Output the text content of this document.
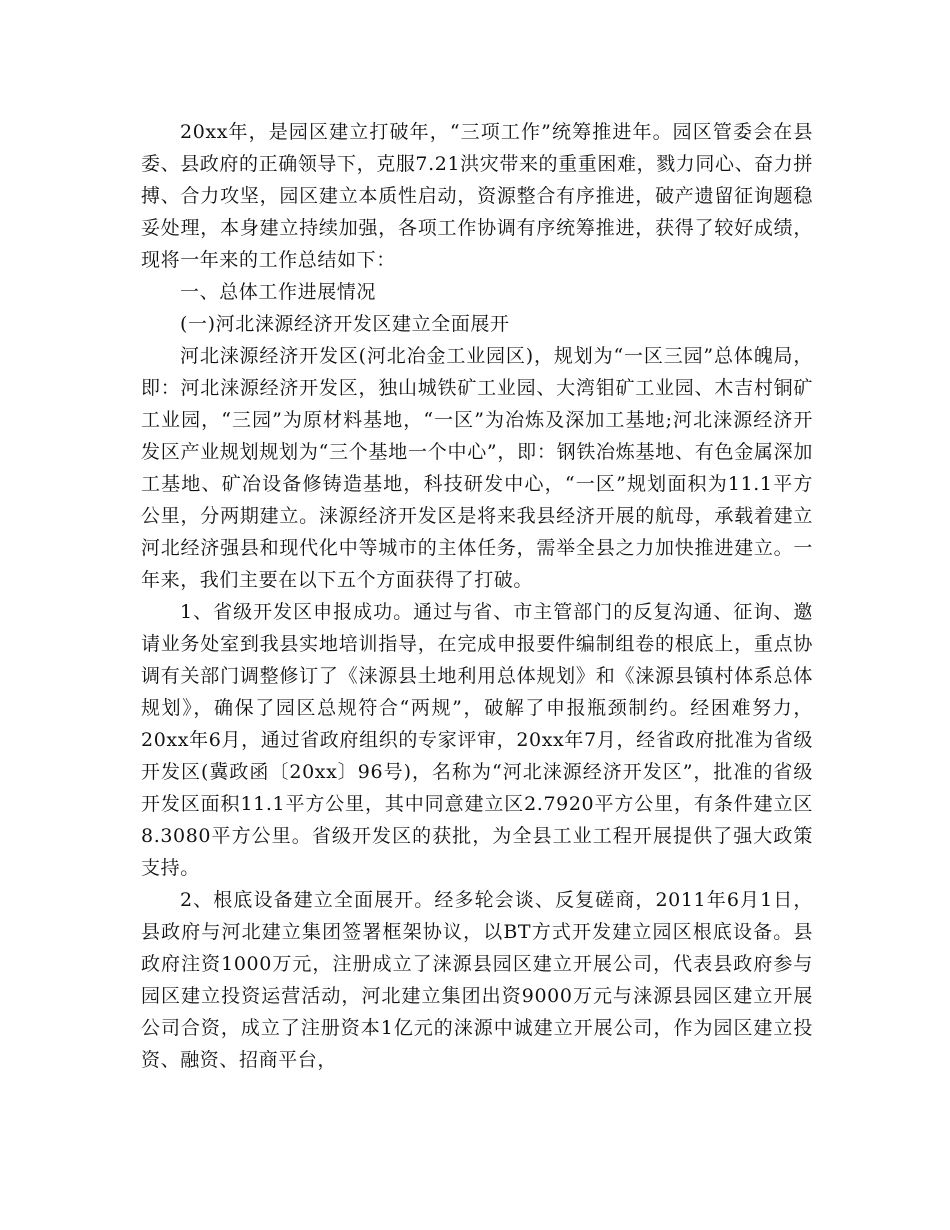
20xx年，是园区建立打破年，“三项工作”统筹推进年。园区管委会在县委、县政府的正确领导下，克服7.21洪灾带来的重重困难，戮力同心、奋力拼搏、合力攻坚，园区建立本质性启动，资源整合有序推进，破产遗留征询题稳妥处理，本身建立持续加强，各项工作协调有序统筹推进，获得了较好成绩，现将一年来的工作总结如下：

一、总体工作进展情况

(一)河北涞源经济开发区建立全面展开

河北涞源经济开发区(河北冶金工业园区)，规划为“一区三园”总体魄局，即：河北涞源经济开发区，独山城铁矿工业园、大湾钼矿工业园、木吉村铜矿工业园，“三园”为原材料基地，“一区”为冶炼及深加工基地;河北涞源经济开发区产业规划规划为“三个基地一个中心”，即：钢铁冶炼基地、有色金属深加工基地、矿冶设备修铸造基地，科技研发中心，“一区”规划面积为11.1平方公里，分两期建立。涞源经济开发区是将来我县经济开展的航母，承载着建立河北经济强县和现代化中等城市的主体任务，需举全县之力加快推进建立。一年来，我们主要在以下五个方面获得了打破。

1、省级开发区申报成功。通过与省、市主管部门的反复沟通、征询、邀请业务处室到我县实地培训指导，在完成申报要件编制组卷的根底上，重点协调有关部门调整修订了《涞源县土地利用总体规划》和《涞源县镇村体系总体规划》，确保了园区总规符合“两规”，破解了申报瓶颈制约。经困难努力，20xx年6月，通过省政府组织的专家评审，20xx年7月，经省政府批准为省级开发区(冀政函〔20xx〕96号)，名称为“河北涞源经济开发区”，批准的省级开发区面积11.1平方公里，其中同意建立区2.7920平方公里，有条件建立区8.3080平方公里。省级开发区的获批，为全县工业工程开展提供了强大政策支持。

2、根底设备建立全面展开。经多轮会谈、反复磋商，2011年6月1日，县政府与河北建立集团签署框架协议，以BT方式开发建立园区根底设备。县政府注资1000万元，注册成立了涞源县园区建立开展公司，代表县政府参与园区建立投资运营活动，河北建立集团出资9000万元与涞源县园区建立开展公司合资，成立了注册资本1亿元的涞源中诚建立开展公司，作为园区建立投资、融资、招商平台，
